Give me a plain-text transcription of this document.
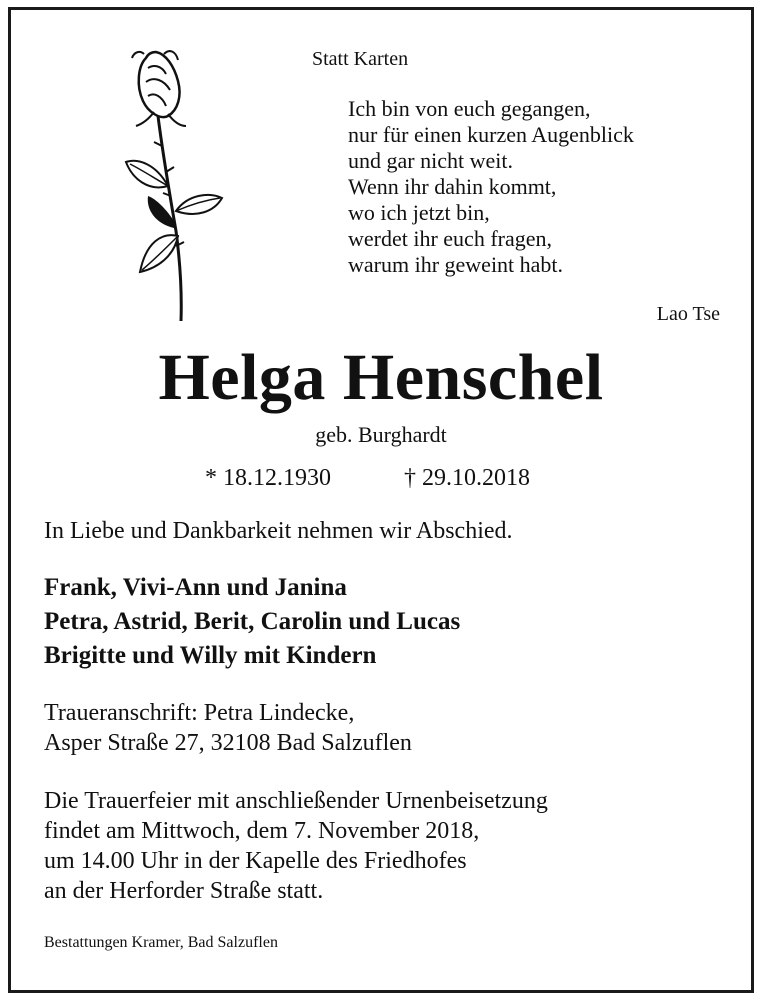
Statt Karten
Ich bin von euch gegangen,
nur für einen kurzen Augenblick
und gar nicht weit.
Wenn ihr dahin kommt,
wo ich jetzt bin,
werdet ihr euch fragen,
warum ihr geweint habt.
Lao Tse
Helga Henschel
geb. Burghardt
* 18.12.1930	† 29.10.2018
In Liebe und Dankbarkeit nehmen wir Abschied.
Frank, Vivi-Ann und Janina
Petra, Astrid, Berit, Carolin und Lucas
Brigitte und Willy mit Kindern
Traueranschrift: Petra Lindecke,
Asper Straße 27, 32108 Bad Salzuflen
Die Trauerfeier mit anschließender Urnenbeisetzung
findet am Mittwoch, dem 7. November 2018,
um 14.00 Uhr in der Kapelle des Friedhofes
an der Herforder Straße statt.
Bestattungen Kramer, Bad Salzuflen
